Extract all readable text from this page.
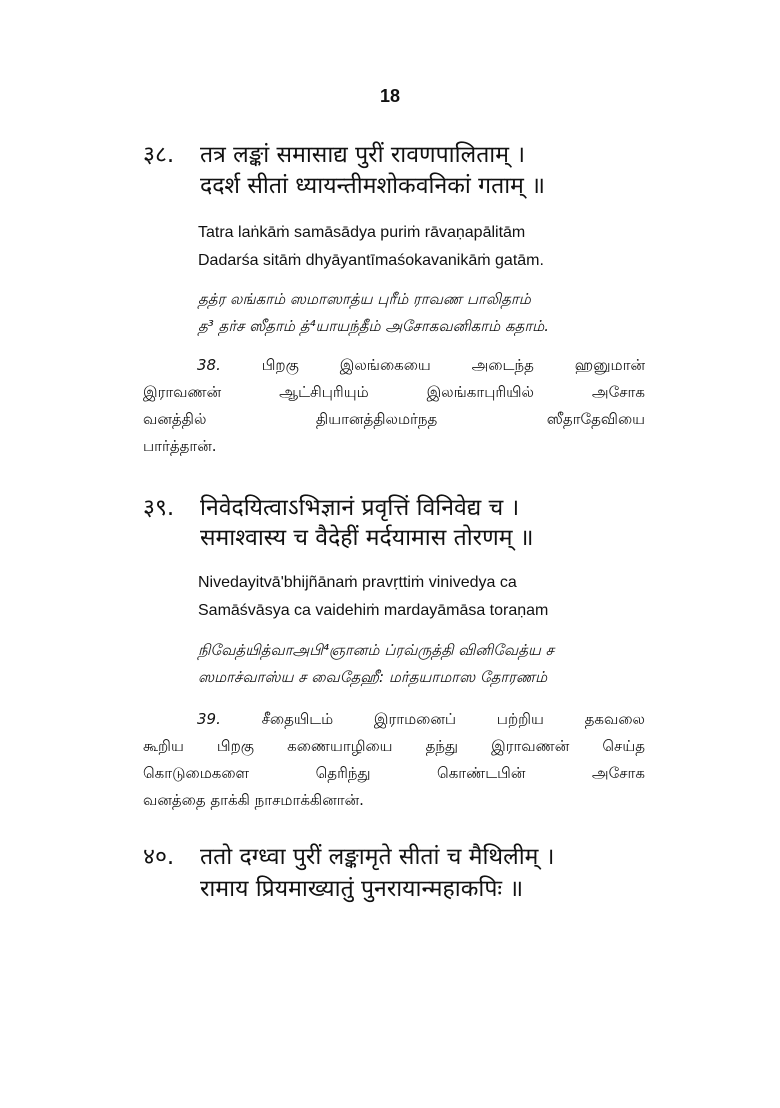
18
३८. तत्र लङ्कां समासाद्य पुरीं रावणपालिताम् ।
ददर्श सीतां ध्यायन्तीमशोकवनिकां गताम् ॥
Tatra laṅkāṁ samāsādya puriṁ rāvaṇapālitām
Dadarśa sitāṁ dhyāyantīmaśokavanikāṁ gatām.
தத்ர லங்காம் ஸமாஸாத்ய புரீம் ராவண பாலிதாம்
த³ தர்ச ஸீதாம் த்⁴யாயந்தீம் அசோகவனிகாம் கதாம்.
38.	பிறகு இலங்கையை அடைந்த ஹனுமான்
இராவணன் ஆட்சிபுரியும் இலங்காபுரியில் அசோக
வனத்தில் தியானத்திலமர்நத ஸீதாதேவியை
பார்த்தான்.
३९. निवेदयित्वाऽभिज्ञानं प्रवृत्तिं विनिवेद्य च ।
समाश्वास्य च वैदेहीं मर्दयामास तोरणम् ॥
Nivedayitvā'bhijñānaṁ pravṛttiṁ vinivedya ca
Samāśvāsya ca vaidehiṁ mardayāmāsa toraṇam
நிவேத்யித்வாஅபி⁴ஞானம் ப்ரவ்ருத்தி வினிவேத்ய ச
ஸமாச்வாஸ்ய ச வைதேஹீ: மர்தயாமாஸ தோரணம்
39.	சீதையிடம் இராமனைப் பற்றிய தகவலை
கூறிய பிறகு கணையாழியை தந்து இராவணன் செய்த
கொடுமைகளை தெரிந்து கொண்டபின் அசோக
வனத்தை தாக்கி நாசமாக்கினான்.
४०. ततो दग्ध्वा पुरीं लङ्कामृते सीतां च मैथिलीम् ।
रामाय प्रियमाख्यातुं पुनरायान्महाकपिः ॥
